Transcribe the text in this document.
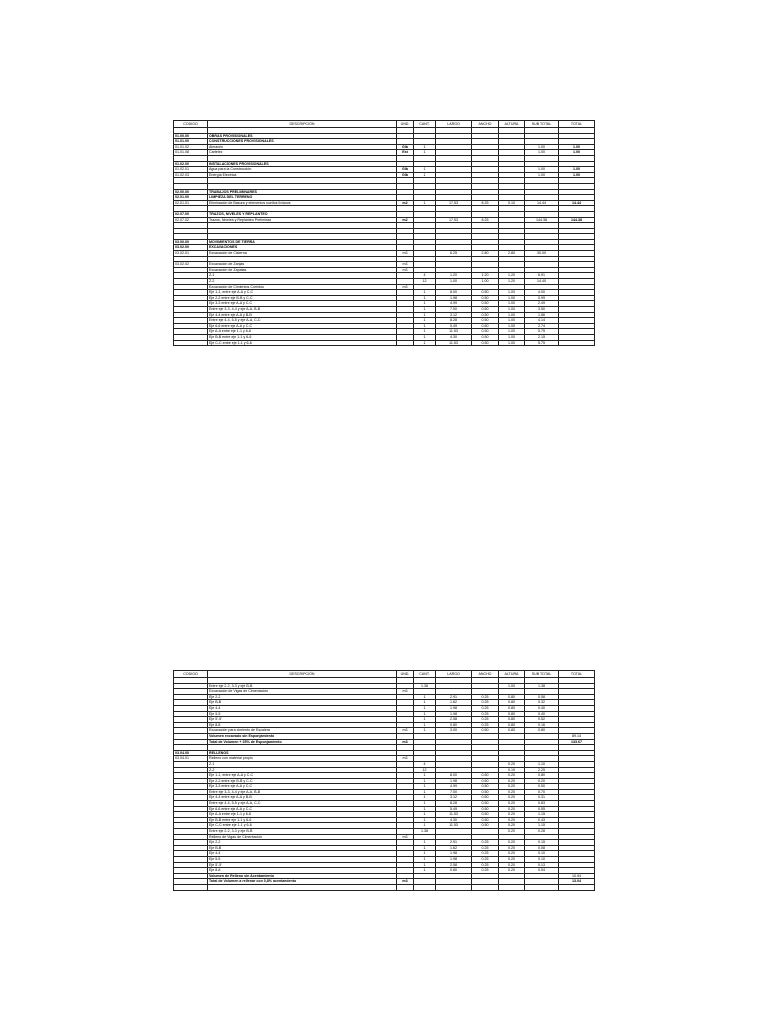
CODIGO	DESCRIPCIÓN	UND.	CANT.	LARGO	ANCHO	ALTURA	SUB TOTAL	TOTAL

01.00.00	OBRAS PROVISIONALES							
01.01.00	CONSTRUCCIONES PROVISIONALES							
01.01.02	Almacén	Glb	1				1.00	1.00
01.01.08	Cartelez	Est	1				1.00	1.00

01.02.00	INSTALACIONES PROVISIONALES							
01.02.01	Agua para la Construcción	Glb	1				1.00	1.00
01.02.03	Energía Electrica	Glb	1				1.00	1.00

02.00.00	TRABAJOS PRELIMINARES							
02.01.00	LIMPIEZA DEL TERRENO							
02.01.01	Eliminación de Basura y elementos sueltos livianos	m2	1	17.53	8.25	0.10	14.44	14.44

02.07.00	TRAZOS, NIVELES Y REPLANTEO							
02.07.02	Trazos, Niveles y Replanteo Preliminar	m2		17.53	8.25		144.38	144.38

03.00.00	MOVIMIENTOS DE TIERRA							
03.02.00	EXCAVACIONES							
03.02.01	Excavación de Cisterna	m3		6.25	2.80	2.80	30.00	

03.02.02	Excavación de Zanjas	m3						
	Excavación de Zapatas	m3						
	Z-1		4	1.20	1.20	1.20	6.91	
	Z-2		12	1.00	1.00	1.20	14.40	
	Excavación de Cimientos Corridos	m3						
	Eje 1-1, entre eje A-A y C-C		1	8.00	0.50	1.00	4.00	
	Eje 2-2 entre eje B-B y C-C		1	1.98	0.50	1.00	0.99	
	Eje 3-3 entre eje A-A y C-C		1	4.99	0.50	1.00	2.49	
	Entre eje 3-3, 4-4 y eje A-A, B-B		1	7.00	0.50	1.00	3.50	
	Eje 4-4 entre eje A-A y B-B		1	3.12	0.50	1.00	1.56	
	Entre eje 4-4, 5-5 y eje A-A, C-C		1	8.28	0.50	1.00	4.14	
	Eje 6-6 entre eje A-A y C-C		1	5.49	0.50	1.00	2.74	
	Eje A-A entre eje 1-1 y 6-6		1	11.53	0.50	1.00	5.75	
	Eje B-B entre eje 1-1 y 6-6		1	4.30	0.50	1.00	2.15	
	Eje C-C entre eje 1-1 y 6-6		1	11.53	0.50	1.00	5.75	
CODIGO	DESCRIPCIÓN	UND.	CANT.	LARGO	ANCHO	ALTURA	SUB TOTAL	TOTAL

	Entre eje 2-2, 3-3 y eje B-B		1.38			1.00	1.38	
	Excavación de Vigas de Cimentación	m3						
	Eje 2-2		1	2.91	0.25	0.80	0.58	
	Eje B-B		1	1.62	0.25	0.80	0.32	
	Eje 4-4		1	1.98	0.25	0.80	0.40	
	Eje 5-5		1	1.98	0.25	0.80	0.40	
	Eje 5'-5'		1	2.58	0.25	0.80	0.52	
	Eje 8-8		1	0.80	0.25	0.80	0.16	
	Excavación para cimiento de Escalera	m3	1	3.00	0.50	0.80	0.80	
	Volumen excavado sin Esponjamiento							89.14
	Total de Volumen + 25% de Esponjamiento	m3						133.67

03.04.00	RELLENOS							
03.04.01	Relleno con material propio	m3						
	Z-1		4			0.20	1.10	
	Z-2		12			0.19	2.25	
	Eje 1-1, entre eje A-A y C-C		1	8.00	0.50	0.20	0.80	
	Eje 2-2 entre eje B-B y C-C		1	1.98	0.50	0.20	0.20	
	Eje 3-3 entre eje A-A y C-C		1	4.99	0.50	0.20	0.50	
	Entre eje 3-3, 4-4 y eje A-A, B-B		1	7.00	0.50	0.20	0.70	
	Eje 4-4 entre eje A-A y B-B		1	3.12	0.50	0.20	0.31	
	Entre eje 4-4, 5-5 y eje A-A, C-C		1	8.28	0.50	0.20	0.83	
	Eje 6-6 entre eje A-A y C-C		1	5.49	0.50	0.20	0.55	
	Eje A-A entre eje 1-1 y 6-6		1	11.53	0.50	0.20	1.15	
	Eje B-B entre eje 1-1 y 6-6		1	4.30	0.50	0.20	0.43	
	Eje C-C entre eje 1-1 y 6-6		1	11.53	0.50	0.20	1.15	
	Entre eje 2-2, 3-3 y eje B-B		1.38			0.20	0.28	
	Relleno de Vigas de Cimentación	m3						
	Eje 2-2		1	2.91	0.25	0.20	0.15	
	Eje B-B		1	1.62	0.25	0.20	0.08	
	Eje 4-4		1	1.98	0.25	0.20	0.10	
	Eje 5-5		1	1.98	0.25	0.20	0.10	
	Eje 5'-5'		1	2.58	0.25	0.20	0.13	
	Eje 8-8		1	0.80	0.25	0.20	0.04	
	Volumen de Relleno sin Acentamiento							10.94
	Total de Volumen a rellenar con 0,8% acentamiento	m3						13.04
